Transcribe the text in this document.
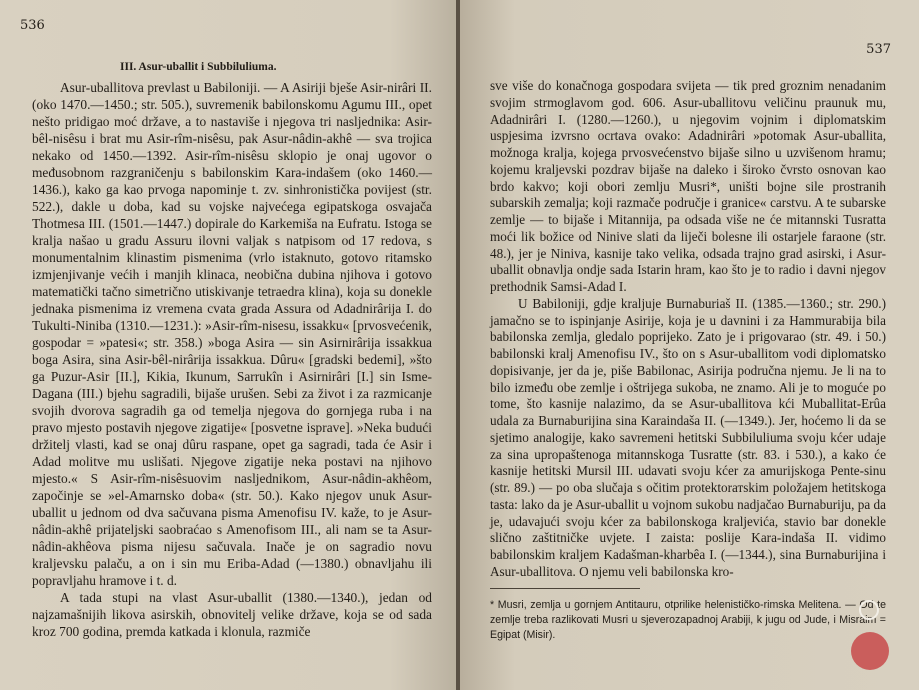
536
III. Asur-uballit i Subbiluliuma.

Asur-uballitova prevlast u Babiloniji. — A Asiriji bješe Asir-nirâri II. (oko 1470.—1450.; str. 505.), suvremenik babilonskomu Agumu III., opet nešto pridigao moć države, a to nastaviše i njegova tri nasljednika: Asir-bêl-nisêsu i brat mu Asir-rîm-nisêsu, pak Asur-nâdin-akhê — sva trojica nekako od 1450.—1392. Asir-rîm-nisêsu sklopio je onaj ugovor o međusobnom razgraničenju s babilonskim Kara-indašem (oko 1460.—1436.), kako ga kao prvoga napominje t. zv. sinhronistička povijest (str. 522.), dakle u doba, kad su vojske najvećega egipatskoga osvajača Thotmesa III. (1501.—1447.) dopirale do Karkemiša na Eufratu. Istoga se kralja našao u gradu Assuru ilovni valjak s natpisom od 17 redova, s monumentalnim klinastim pismenima (vrlo istaknuto, gotovo ritamsko izmjenjivanje većih i manjih klinaca, neobična dubina njihova i gotovo matematički tačno simetrično utiskivanje tetraedra klina), koja su donekle jednaka pismenima iz vremena cvata grada Assura od Adadnirârija I. do Tukulti-Niniba (1310.—1231.): »Asir-rîm-nisesu, issakku« [prvosvećenik, gospodar = »patesi«; str. 358.) »boga Asira — sin Asirnirârija issakkua boga Asira, sina Asir-bêl-nirârija issakkua. Dûru« [gradski bedemi], »što ga Puzur-Asir [II.], Kikia, Ikunum, Sarrukîn i Asirnirâri [I.] sin Isme-Dagana (III.) bjehu sagradili, bijaše urušen. Sebi za život i za razmicanje svojih dvorova sagradih ga od temelja njegova do gornjega ruba i na pravo mjesto postavih njegove zigatije« [posvetne isprave]. »Neka budući držitelj vlasti, kad se onaj dûru raspane, opet ga sagradi, tada će Asir i Adad molitve mu uslišati. Njegove zigatije neka postavi na njihovo mjesto.« S Asir-rîm-nisêsuovim nasljednikom, Asur-nâdin-akhêom, započinje se »el-Amarnsko doba« (str. 50.). Kako njegov unuk Asur-uballit u jednom od dva sačuvana pisma Amenofisu IV. kaže, to je Asur-nâdin-akhê prijateljski saobraćao s Amenofisom III., ali nam se ta Asur-nâdin-akhêova pisma nijesu sačuvala. Inače je on sagradio novu kraljevsku palaču, a on i sin mu Eriba-Adad (—1380.) obnavljahu ili popravljahu hramove i t. d.

A tada stupi na vlast Asur-uballit (1380.—1340.), jedan od najzamašnijih likova asirskih, obnovitelj velike države, koja se od sada kroz 700 godina, premda katkada i klonula, razmiče

537

sve više do konačnoga gospodara svijeta — tik pred groznim nenadanim svojim strmoglavom god. 606. Asur-uballitovu veličinu praunuk mu, Adadnirâri I. (1280.—1260.), u njegovim vojnim i diplomatskim uspjesima izvrsno ocrtava ovako: Adadnirâri »potomak Asur-uballita, možnoga kralja, kojega prvosvećenstvo bijaše silno u uzvišenom hramu; kojemu kraljevski pozdrav bijaše na daleko i široko čvrsto osnovan kao brdo kakvo; koji obori zemlju Musri*, uništi bojne sile prostranih subarskih zemalja; koji razmače područje i granice« carstvu. A te subarske zemlje — to bijaše i Mitannija, pa odsada više ne će mitannski Tusratta moći lik božice od Ninive slati da liječi bolesne ili ostarjele faraone (str. 48.), jer je Niniva, kasnije tako velika, odsada trajno grad asirski, i Asur-uballit obnavlja ondje sada Istarin hram, kao što je to radio i davni njegov prethodnik Samsi-Adad I.

U Babiloniji, gdje kraljuje Burnaburiaš II. (1385.—1360.; str. 290.) jamačno se to ispinjanje Asirije, koja je u davnini i za Hammurabija bila babilonska zemlja, gledalo popriјeko. Zato je i prigovarao (str. 49. i 50.) babilonski kralj Amenofisu IV., što on s Asur-uballitom vodi diplomatsko dopisivanje, jer da je, piše Babilonac, Asirija područna njemu. Je li na to bilo između obe zemlje i oštrijega sukoba, ne znamo. Ali je to moguće po tome, što kasnije nalazimo, da se Asur-uballitova kći Muballitat-Erûa udala za Burnaburijina sina Karaindaša II. (—1349.). Jer, hoćemo li da se sjetimo analogije, kako savremeni hetitski Subbiluliuma svoju kćer udaje za sina upropaštenoga mitannskoga Tusratte (str. 83. i 530.), a kako će kasnije hetitski Mursil III. udavati svoju kćer za amurijskoga Pente-sinu (str. 89.) — po oba slučaja s očitim protektorатskim položajem hetitskoga tasta: lako da je Asur-uballit u vojnom sukobu nadjačao Burnaburiju, pa da je, udavajući svoju kćer za babilonskoga kraljevića, stavio bar donekle slično zaštitničke uvjete. I zaista: poslije Kara-indaša II. vidimo babilonskim kraljem Kadašman-kharbêa I. (—1344.), sina Burnaburijina i Asur-uballitova. O njemu veli babilonska kro-

* Musri, zemlja u gornjem Antitauru, otprilike helenističko-rimska Melitena. — Od te zemlje treba razlikovati Musri u sjeverozapadnoj Arabiji, k jugu od Jude, i Misraim = Egipat (Misir).
